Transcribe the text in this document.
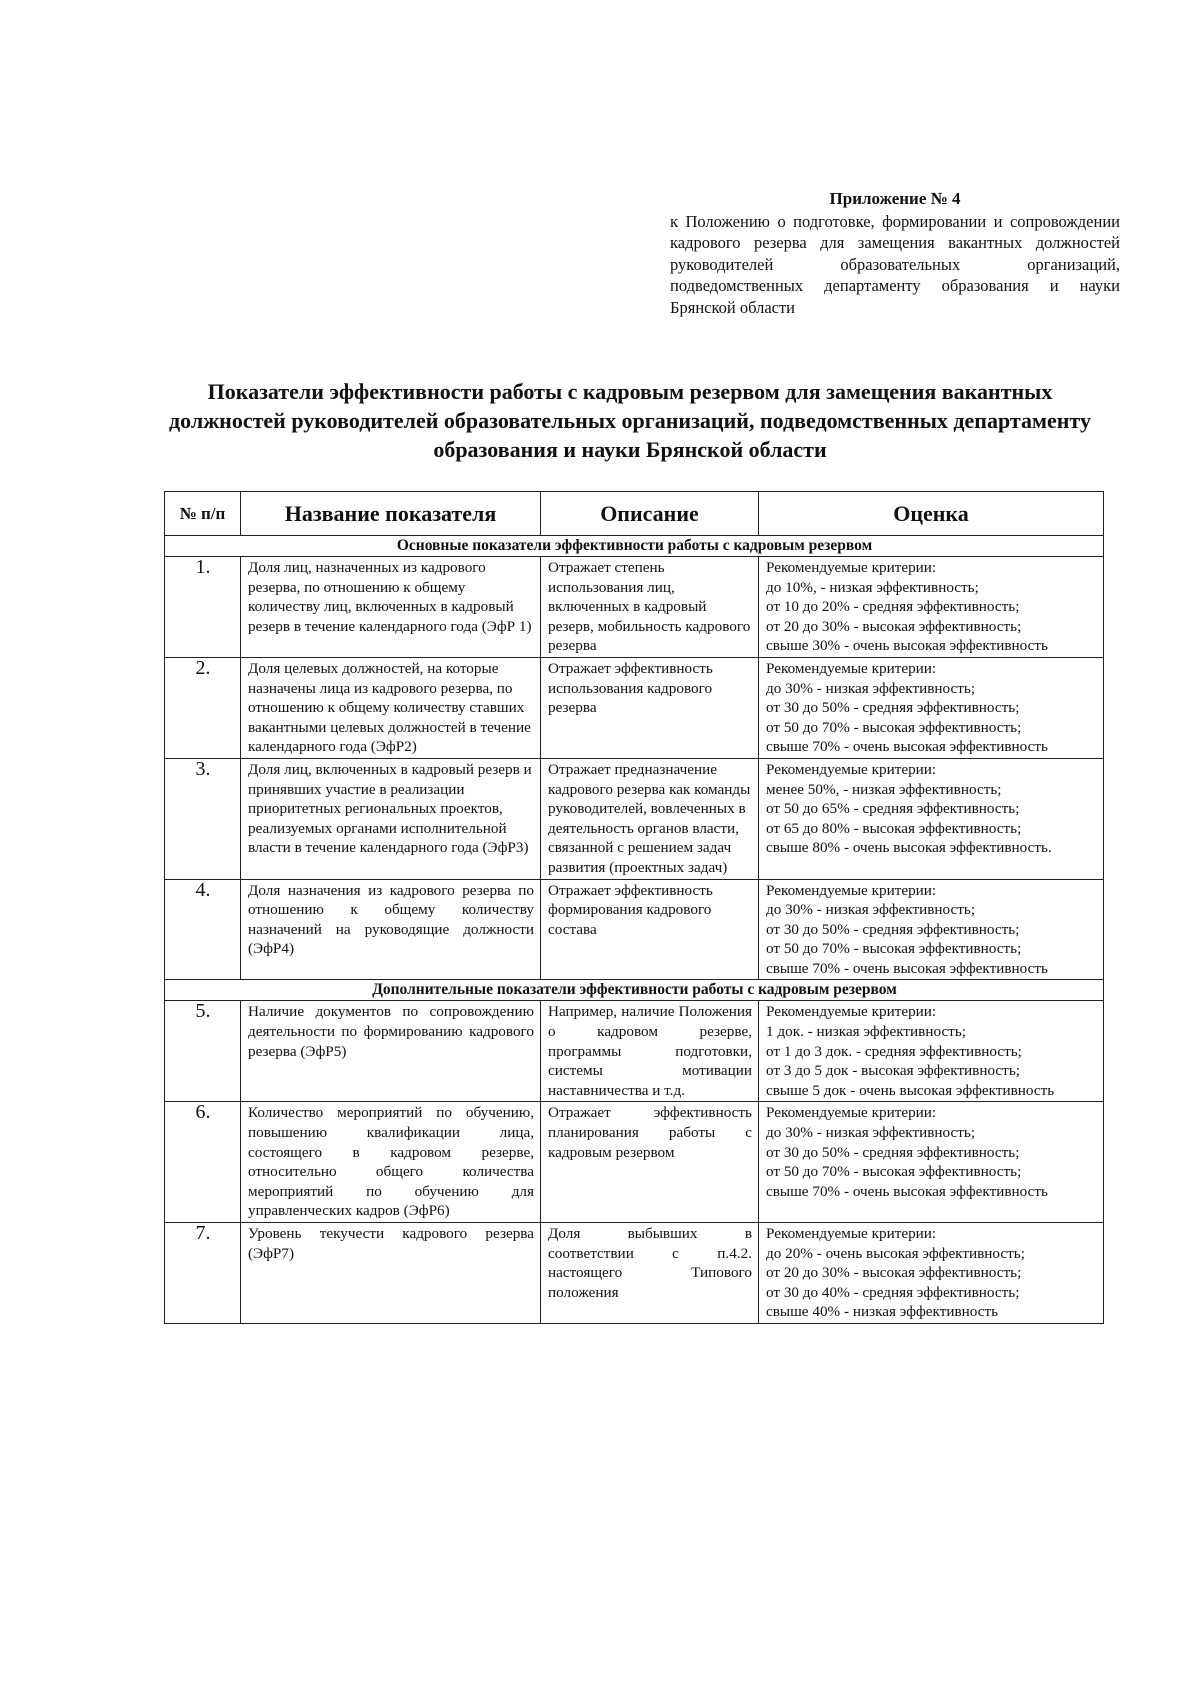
Приложение № 4
к Положению о подготовке, формировании и сопровождении кадрового резерва для замещения вакантных должностей руководителей образовательных организаций, подведомственных департаменту образования и науки Брянской области
Показатели эффективности работы с кадровым резервом для замещения вакантных должностей руководителей образовательных организаций, подведомственных департаменту образования и науки Брянской области
№ п/п	Название показателя	Описание	Оценка
Основные показатели эффективности работы с кадровым резервом			
1.	Доля лиц, назначенных из кадрового резерва, по отношению к общему количеству лиц, включенных в кадровый резерв в течение календарного года (ЭфР 1)	Отражает степень использования лиц, включенных в кадровый резерв, мобильность кадрового резерва	Рекомендуемые критерии:
до 10%, - низкая эффективность;
от 10 до 20% - средняя эффективность;
от 20 до 30% - высокая эффективность;
свыше 30% - очень высокая эффективность

2.	Доля целевых должностей, на которые назначены лица из кадрового резерва, по отношению к общему количеству ставших вакантными целевых должностей в течение календарного года (ЭфР2)	Отражает эффективность использования кадрового резерва	Рекомендуемые критерии:
до 30% - низкая эффективность;
от 30 до 50% - средняя эффективность;
от 50 до 70% - высокая эффективность;
свыше 70% - очень высокая эффективность

3.	Доля лиц, включенных в кадровый резерв и принявших участие в реализации приоритетных региональных проектов, реализуемых органами исполнительной власти в течение календарного года (ЭфР3)	Отражает предназначение кадрового резерва как команды руководителей, вовлеченных в деятельность органов власти, связанной с решением задач развития (проектных задач)	Рекомендуемые критерии:
менее 50%, - низкая эффективность;
от 50 до 65% - средняя эффективность;
от 65 до 80% - высокая эффективность;
свыше 80% - очень высокая эффективность.

4.	Доля назначения из кадрового резерва по отношению к общему количеству назначений на руководящие должности (ЭфР4)	Отражает эффективность формирования кадрового состава	Рекомендуемые критерии:
до 30% - низкая эффективность;
от 30 до 50% - средняя эффективность;
от 50 до 70% - высокая эффективность;
свыше 70% - очень высокая эффективность

Дополнительные показатели эффективности работы с кадровым резервом			
5.	Наличие документов по сопровождению деятельности по формированию кадрового резерва (ЭфР5)	Например, наличие Положения о кадровом резерве, программы подготовки, системы мотивации наставничества и т.д.	Рекомендуемые критерии:
1 док. - низкая эффективность;
от 1 до 3 док. - средняя эффективность;
от 3 до 5 док - высокая эффективность;
свыше 5 док - очень высокая эффективность

6.	Количество мероприятий по обучению, повышению квалификации лица, состоящего в кадровом резерве, относительно общего количества мероприятий по обучению для управленческих кадров (ЭфР6)	Отражает эффективность планирования работы с кадровым резервом	Рекомендуемые критерии:
до 30% - низкая эффективность;
от 30 до 50% - средняя эффективность;
от 50 до 70% - высокая эффективность;
свыше 70% - очень высокая эффективность

7.	Уровень текучести кадрового резерва (ЭфР7)	Доля выбывших в соответствии с п.4.2. настоящего Типового положения	Рекомендуемые критерии:
до 20% - очень высокая эффективность;
от 20 до 30% - высокая эффективность;
от 30 до 40% - средняя эффективность;
свыше 40% - низкая эффективность
